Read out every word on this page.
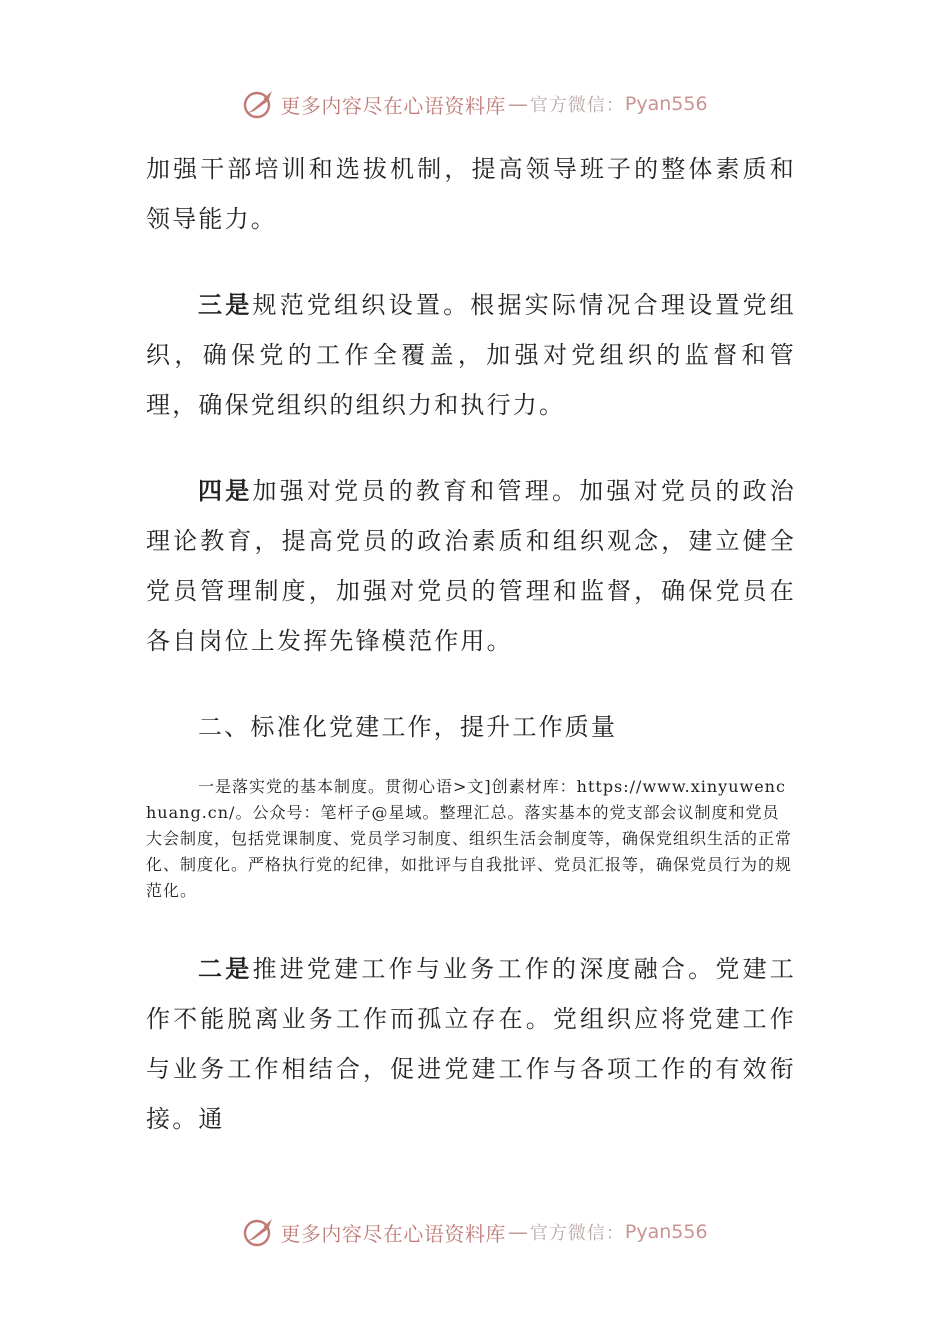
更多内容尽在心语资料库 — 官方微信： Pyan556

加强干部培训和选拔机制，提高领导班子的整体素质和领导能力。

三是规范党组织设置。根据实际情况合理设置党组织，确保党的工作全覆盖，加强对党组织的监督和管理，确保党组织的组织力和执行力。

四是加强对党员的教育和管理。加强对党员的政治理论教育，提高党员的政治素质和组织观念，建立健全党员管理制度，加强对党员的管理和监督，确保党员在各自岗位上发挥先锋模范作用。

二、标准化党建工作，提升工作质量

一是落实党的基本制度。贯彻心语>文]创素材库：https://www.xinyuwenchuang.cn/。公众号：笔杆子@星域。整理汇总。落实基本的党支部会议制度和党员大会制度，包括党课制度、党员学习制度、组织生活会制度等，确保党组织生活的正常化、制度化。严格执行党的纪律，如批评与自我批评、党员汇报等，确保党员行为的规范化。

二是推进党建工作与业务工作的深度融合。党建工作不能脱离业务工作而孤立存在。党组织应将党建工作与业务工作相结合，促进党建工作与各项工作的有效衔接。通

更多内容尽在心语资料库 — 官方微信： Pyan556
